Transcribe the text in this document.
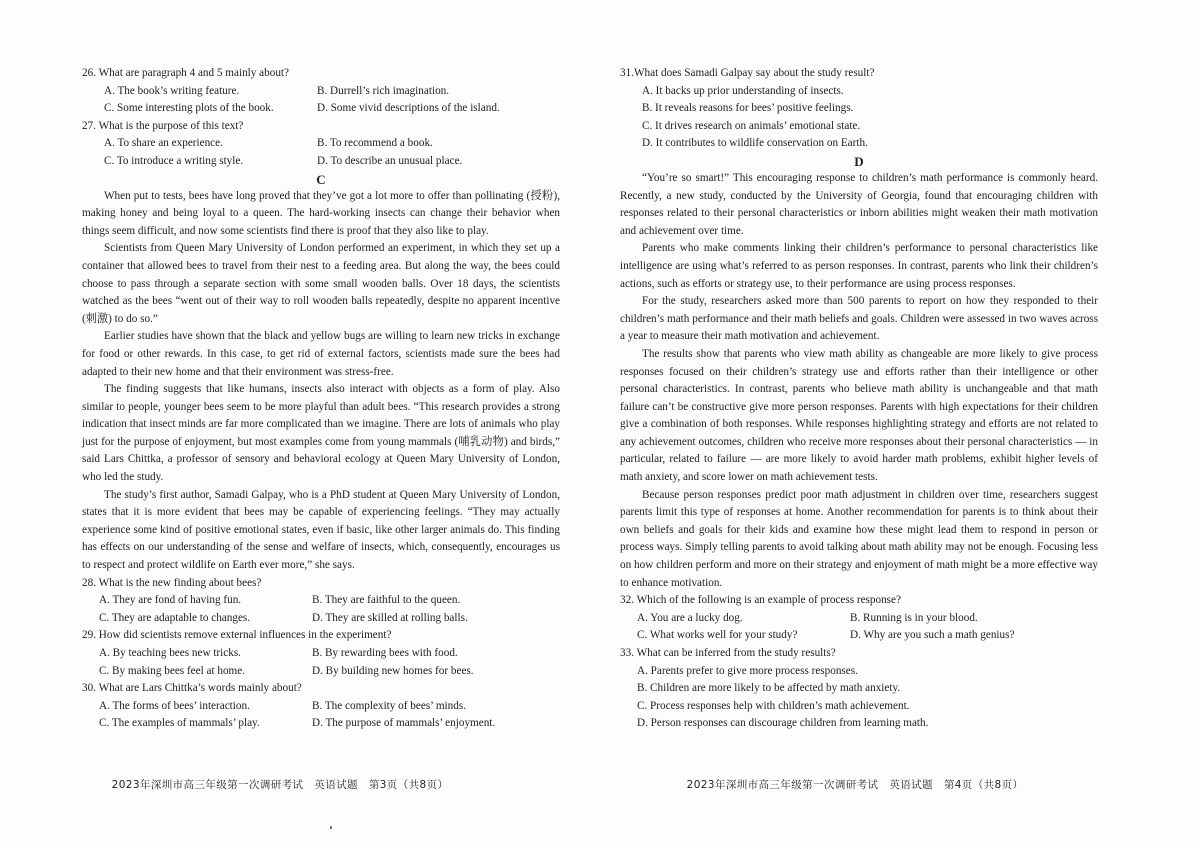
26. What are paragraph 4 and 5 mainly about?

A. The book’s writing feature.	B. Durrell’s rich imagination.
C. Some interesting plots of the book.	D. Some vivid descriptions of the island.

27. What is the purpose of this text?

A. To share an experience.	B. To recommend a book.
C. To introduce a writing style.	D. To describe an unusual place.

C

When put to tests, bees have long proved that they’ve got a lot more to offer than pollinating (授粉), making honey and being loyal to a queen. The hard-working insects can change their behavior when things seem difficult, and now some scientists find there is proof that they also like to play.

Scientists from Queen Mary University of London performed an experiment, in which they set up a container that allowed bees to travel from their nest to a feeding area. But along the way, the bees could choose to pass through a separate section with some small wooden balls. Over 18 days, the scientists watched as the bees “went out of their way to roll wooden balls repeatedly, despite no apparent incentive (刺激) to do so.”

Earlier studies have shown that the black and yellow bugs are willing to learn new tricks in exchange for food or other rewards. In this case, to get rid of external factors, scientists made sure the bees had adapted to their new home and that their environment was stress-free.

The finding suggests that like humans, insects also interact with objects as a form of play. Also similar to people, younger bees seem to be more playful than adult bees. “This research provides a strong indication that insect minds are far more complicated than we imagine. There are lots of animals who play just for the purpose of enjoyment, but most examples come from young mammals (哺乳动物) and birds,” said Lars Chittka, a professor of sensory and behavioral ecology at Queen Mary University of London, who led the study.

The study’s first author, Samadi Galpay, who is a PhD student at Queen Mary University of London, states that it is more evident that bees may be capable of experiencing feelings. “They may actually experience some kind of positive emotional states, even if basic, like other larger animals do. This finding has effects on our understanding of the sense and welfare of insects, which, consequently, encourages us to respect and protect wildlife on Earth ever more,” she says.

28. What is the new finding about bees?

A. They are fond of having fun.	B. They are faithful to the queen.
C. They are adaptable to changes.	D. They are skilled at rolling balls.

29. How did scientists remove external influences in the experiment?

A. By teaching bees new tricks.	B. By rewarding bees with food.
C. By making bees feel at home.	D. By building new homes for bees.

30. What are Lars Chittka’s words mainly about?

A. The forms of bees’ interaction.	B. The complexity of bees’ minds.
C. The examples of mammals’ play.	D. The purpose of mammals’ enjoyment.
2023年深圳市高三年级第一次调研考试　英语试题　第3页（共8页）

31.What does Samadi Galpay say about the study result?

A. It backs up prior understanding of insects.
B. It reveals reasons for bees’ positive feelings.
C. It drives research on animals’ emotional state.
D. It contributes to wildlife conservation on Earth.

D

“You’re so smart!” This encouraging response to children’s math performance is commonly heard. Recently, a new study, conducted by the University of Georgia, found that encouraging children with responses related to their personal characteristics or inborn abilities might weaken their math motivation and achievement over time.

Parents who make comments linking their children’s performance to personal characteristics like intelligence are using what’s referred to as person responses. In contrast, parents who link their children’s actions, such as efforts or strategy use, to their performance are using process responses.

For the study, researchers asked more than 500 parents to report on how they responded to their children’s math performance and their math beliefs and goals. Children were assessed in two waves across a year to measure their math motivation and achievement.

The results show that parents who view math ability as changeable are more likely to give process responses focused on their children’s strategy use and efforts rather than their intelligence or other personal characteristics. In contrast, parents who believe math ability is unchangeable and that math failure can’t be constructive give more person responses. Parents with high expectations for their children give a combination of both responses. While responses highlighting strategy and efforts are not related to any achievement outcomes, children who receive more responses about their personal characteristics — in particular, related to failure — are more likely to avoid harder math problems, exhibit higher levels of math anxiety, and score lower on math achievement tests.

Because person responses predict poor math adjustment in children over time, researchers suggest parents limit this type of responses at home. Another recommendation for parents is to think about their own beliefs and goals for their kids and examine how these might lead them to respond in person or process ways. Simply telling parents to avoid talking about math ability may not be enough. Focusing less on how children perform and more on their strategy and enjoyment of math might be a more effective way to enhance motivation.

32. Which of the following is an example of process response?

A. You are a lucky dog.	B. Running is in your blood.
C. What works well for your study?	D. Why are you such a math genius?

33. What can be inferred from the study results?

A. Parents prefer to give more process responses.
B. Children are more likely to be affected by math anxiety.
C. Process responses help with children’s math achievement.
D. Person responses can discourage children from learning math.
2023年深圳市高三年级第一次调研考试　英语试题　第4页（共8页）
